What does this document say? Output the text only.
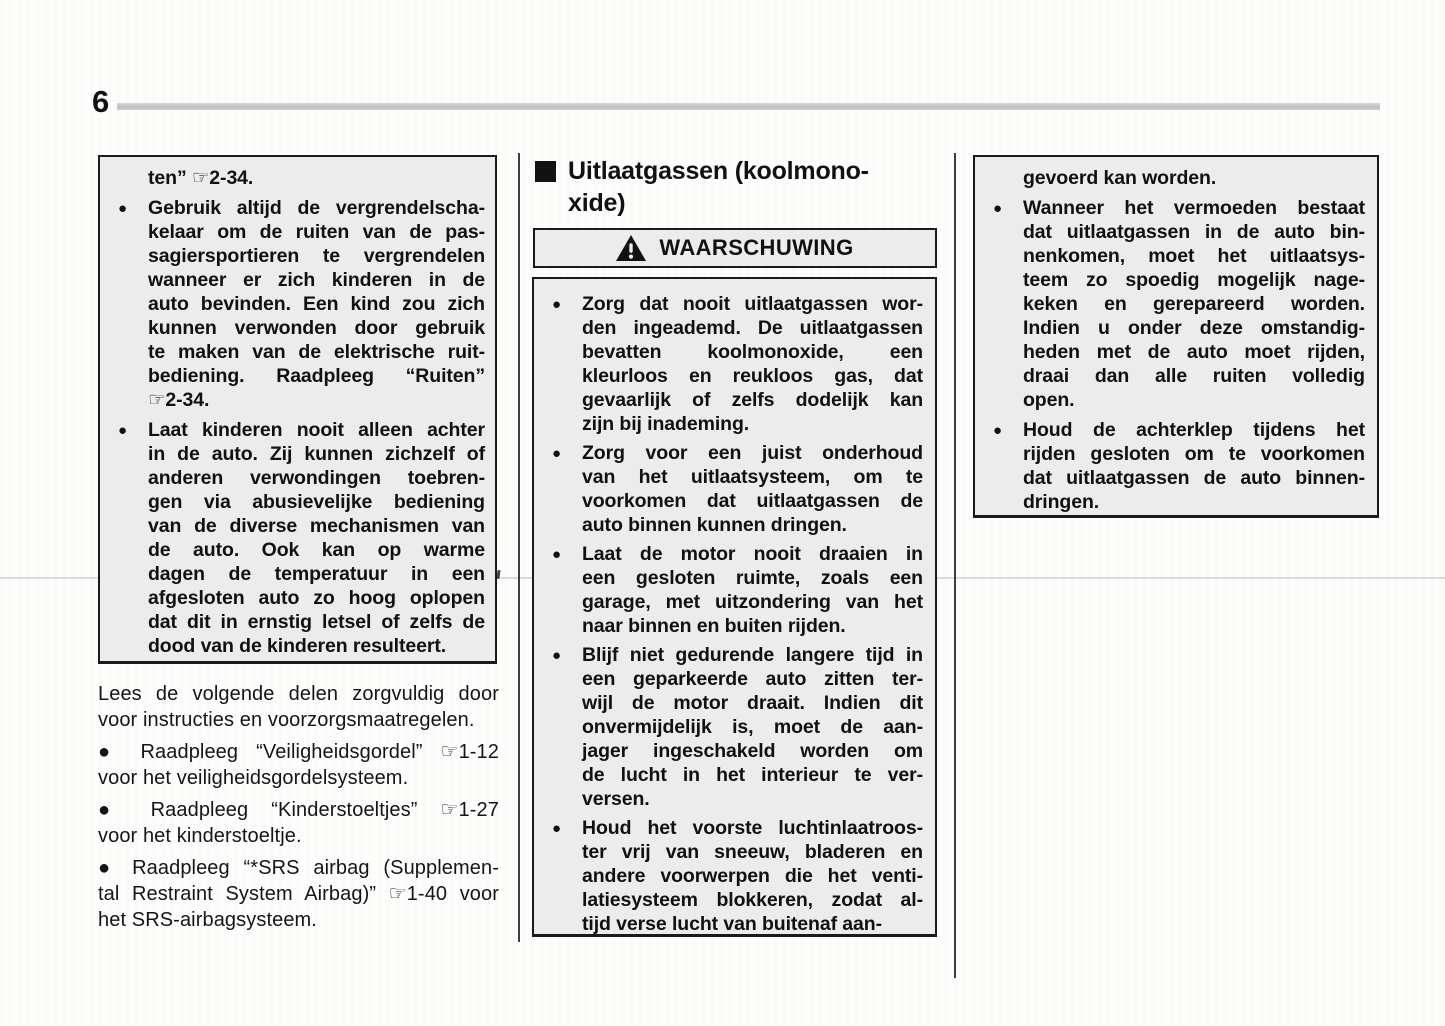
6
ten” ☞2-34.
●	Gebruik altijd de vergrendelscha-
kelaar om de ruiten van de pas-
sagiersportieren te vergrendelen
wanneer er zich kinderen in de
auto bevinden. Een kind zou zich
kunnen verwonden door gebruik
te maken van de elektrische ruit-
bediening. Raadpleeg “Ruiten”
☞2-34.
●	Laat kinderen nooit alleen achter
in de auto. Zij kunnen zichzelf of
anderen verwondingen toebren-
gen via abusievelijke bediening
van de diverse mechanismen van
de auto. Ook kan op warme
dagen de temperatuur in een
afgesloten auto zo hoog oplopen
dat dit in ernstig letsel of zelfs de
dood van de kinderen resulteert.
Lees de volgende delen zorgvuldig door
voor instructies en voorzorgsmaatregelen.
● Raadpleeg “Veiligheidsgordel” ☞1-12
voor het veiligheidsgordelsysteem.
● Raadpleeg “Kinderstoeltjes” ☞1-27
voor het kinderstoeltje.
● Raadpleeg “*SRS airbag (Supplemen-
tal Restraint System Airbag)” ☞1-40 voor
het SRS-airbagsysteem.
Uitlaatgassen (koolmono-
xide)
WAARSCHUWING
●	Zorg dat nooit uitlaatgassen wor-
den ingeademd. De uitlaatgassen
bevatten koolmonoxide, een
kleurloos en reukloos gas, dat
gevaarlijk of zelfs dodelijk kan
zijn bij inademing.
●	Zorg voor een juist onderhoud
van het uitlaatsysteem, om te
voorkomen dat uitlaatgassen de
auto binnen kunnen dringen.
●	Laat de motor nooit draaien in
een gesloten ruimte, zoals een
garage, met uitzondering van het
naar binnen en buiten rijden.
●	Blijf niet gedurende langere tijd in
een geparkeerde auto zitten ter-
wijl de motor draait. Indien dit
onvermijdelijk is, moet de aan-
jager ingeschakeld worden om
de lucht in het interieur te ver-
versen.
●	Houd het voorste luchtinlaatroos-
ter vrij van sneeuw, bladeren en
andere voorwerpen die het venti-
latiesysteem blokkeren, zodat al-
tijd verse lucht van buitenaf aan-
gevoerd kan worden.
●	Wanneer het vermoeden bestaat
dat uitlaatgassen in de auto bin-
nenkomen, moet het uitlaatsys-
teem zo spoedig mogelijk nage-
keken en gerepareerd worden.
Indien u onder deze omstandig-
heden met de auto moet rijden,
draai dan alle ruiten volledig
open.
●	Houd de achterklep tijdens het
rijden gesloten om te voorkomen
dat uitlaatgassen de auto binnen-
dringen.
